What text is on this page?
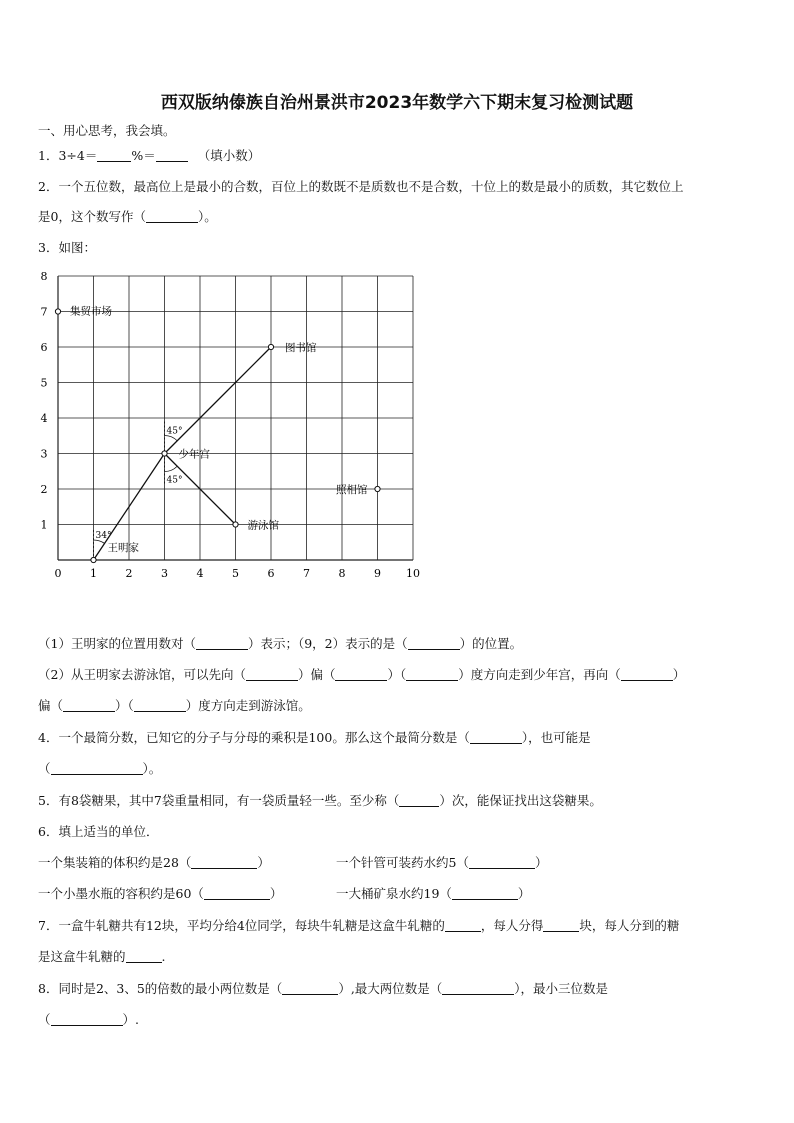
西双版纳傣族自治州景洪市2023年数学六下期末复习检测试题
一、用心思考，我会填。
1．3÷4＝	%＝	（填小数）
2．一个五位数，最高位上是最小的合数，百位上的数既不是质数也不是合数，十位上的数是最小的质数，其它数位上
是0，这个数写作（	）。
3．如图：
34°
45°
45°
集贸市场
图书馆
少年宫
照相馆
游泳馆
王明家
0	1	2	3	4	5	6	7	8	9 10
1
2
3
4
5
6
7
8
（1）王明家的位置用数对（	）表示；（9，2）表示的是（	）的位置。
（2）从王明家去游泳馆，可以先向（	）偏（	）（	）度方向走到少年宫，再向（	）
偏（	）（	）度方向走到游泳馆。
4．一个最简分数，已知它的分子与分母的乘积是100。那么这个最简分数是（	），也可能是
（	）。
5．有8袋糖果，其中7袋重量相同，有一袋质量轻一些。至少称（	）次，能保证找出这袋糖果。
6．填上适当的单位．
一个集装箱的体积约是28（	）	一个针管可装药水约5（	）
一个小墨水瓶的容积约是60（	）	一大桶矿泉水约19（	）
7．一盒牛轧糖共有12块，平均分给4位同学，每块牛轧糖是这盒牛轧糖的	，每人分得	块，每人分到的糖
是这盒牛轧糖的	.
8．同时是2、3、5的倍数的最小两位数是（	）,最大两位数是（	），最小三位数是
（	）.
